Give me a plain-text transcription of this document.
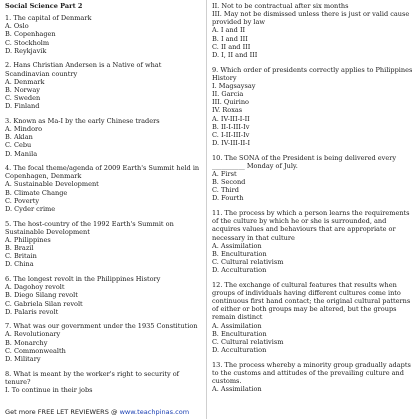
Social Science Part 2
1. The capital of Denmark
A. Oslo
B. Copenhagen
C. Stockholm
D. Reykjavik
2. Hans Christian Andersen is a Native of what Scandinavian country
A. Denmark
B. Norway
C. Sweden
D. Finland
3. Known as Ma-I by the early Chinese traders
A. Mindoro
B. Aklan
C. Cebu
D. Manila
4. The focal theme/agenda of 2009 Earth's Summit held in Copenhagen, Denmark
A. Sustainable Development
B. Climate Change
C. Poverty
D. Cyder crime
5. The host-country of the 1992 Earth's Summit on Sustainable Development
A. Philippines
B. Brazil
C. Britain
D. China
6. The longest revolt in the Philippines History
A. Dagohoy revolt
B. Diego Silang revolt
C. Gabriela Silan revolt
D. Palaris revolt
7. What was our government under the 1935 Constitution
A. Revolutionary
B. Monarchy
C. Commonwealth
D. Military
8. What is meant by the worker's right to security of tenure?
I. To continue in their jobs
II. Not to be contractual after six months
III. May not be dismissed unless there is just or valid cause provided by law
A. I and II
B. I and III
C. II and III
D. I, II and III
9. Which order of presidents correctly applies to Philippines History
I. Magsaysay
II. Garcia
III. Quirino
IV. Roxas
A. IV-III-I-II
B. II-I-III-Iv
C. I-II-III-Iv
D. IV-III-II-I
10. The SONA of the President is being delivered every __________ Monday of July.
A. First
B. Second
C. Third
D. Fourth
11. The process by which a person learns the requirements of the culture by which he or she is surrounded, and acquires values and behaviours that are appropriate or necessary in that culture
A. Assimilation
B. Enculturation
C. Cultural relativism
D. Acculturation
12. The exchange of cultural features that results when groups of individuals having different cultures come into continuous first hand contact; the original cultural patterns of either or both groups may be altered, but the groups remain distinct
A. Assimilation
B. Enculturation
C. Cultural relativism
D. Acculturation
13. The process whereby a minority group gradually adapts to the customs and attitudes of the prevailing culture and customs.
A. Assimilation
Get more FREE LET REVIEWERS @ www.teachpinas.com
